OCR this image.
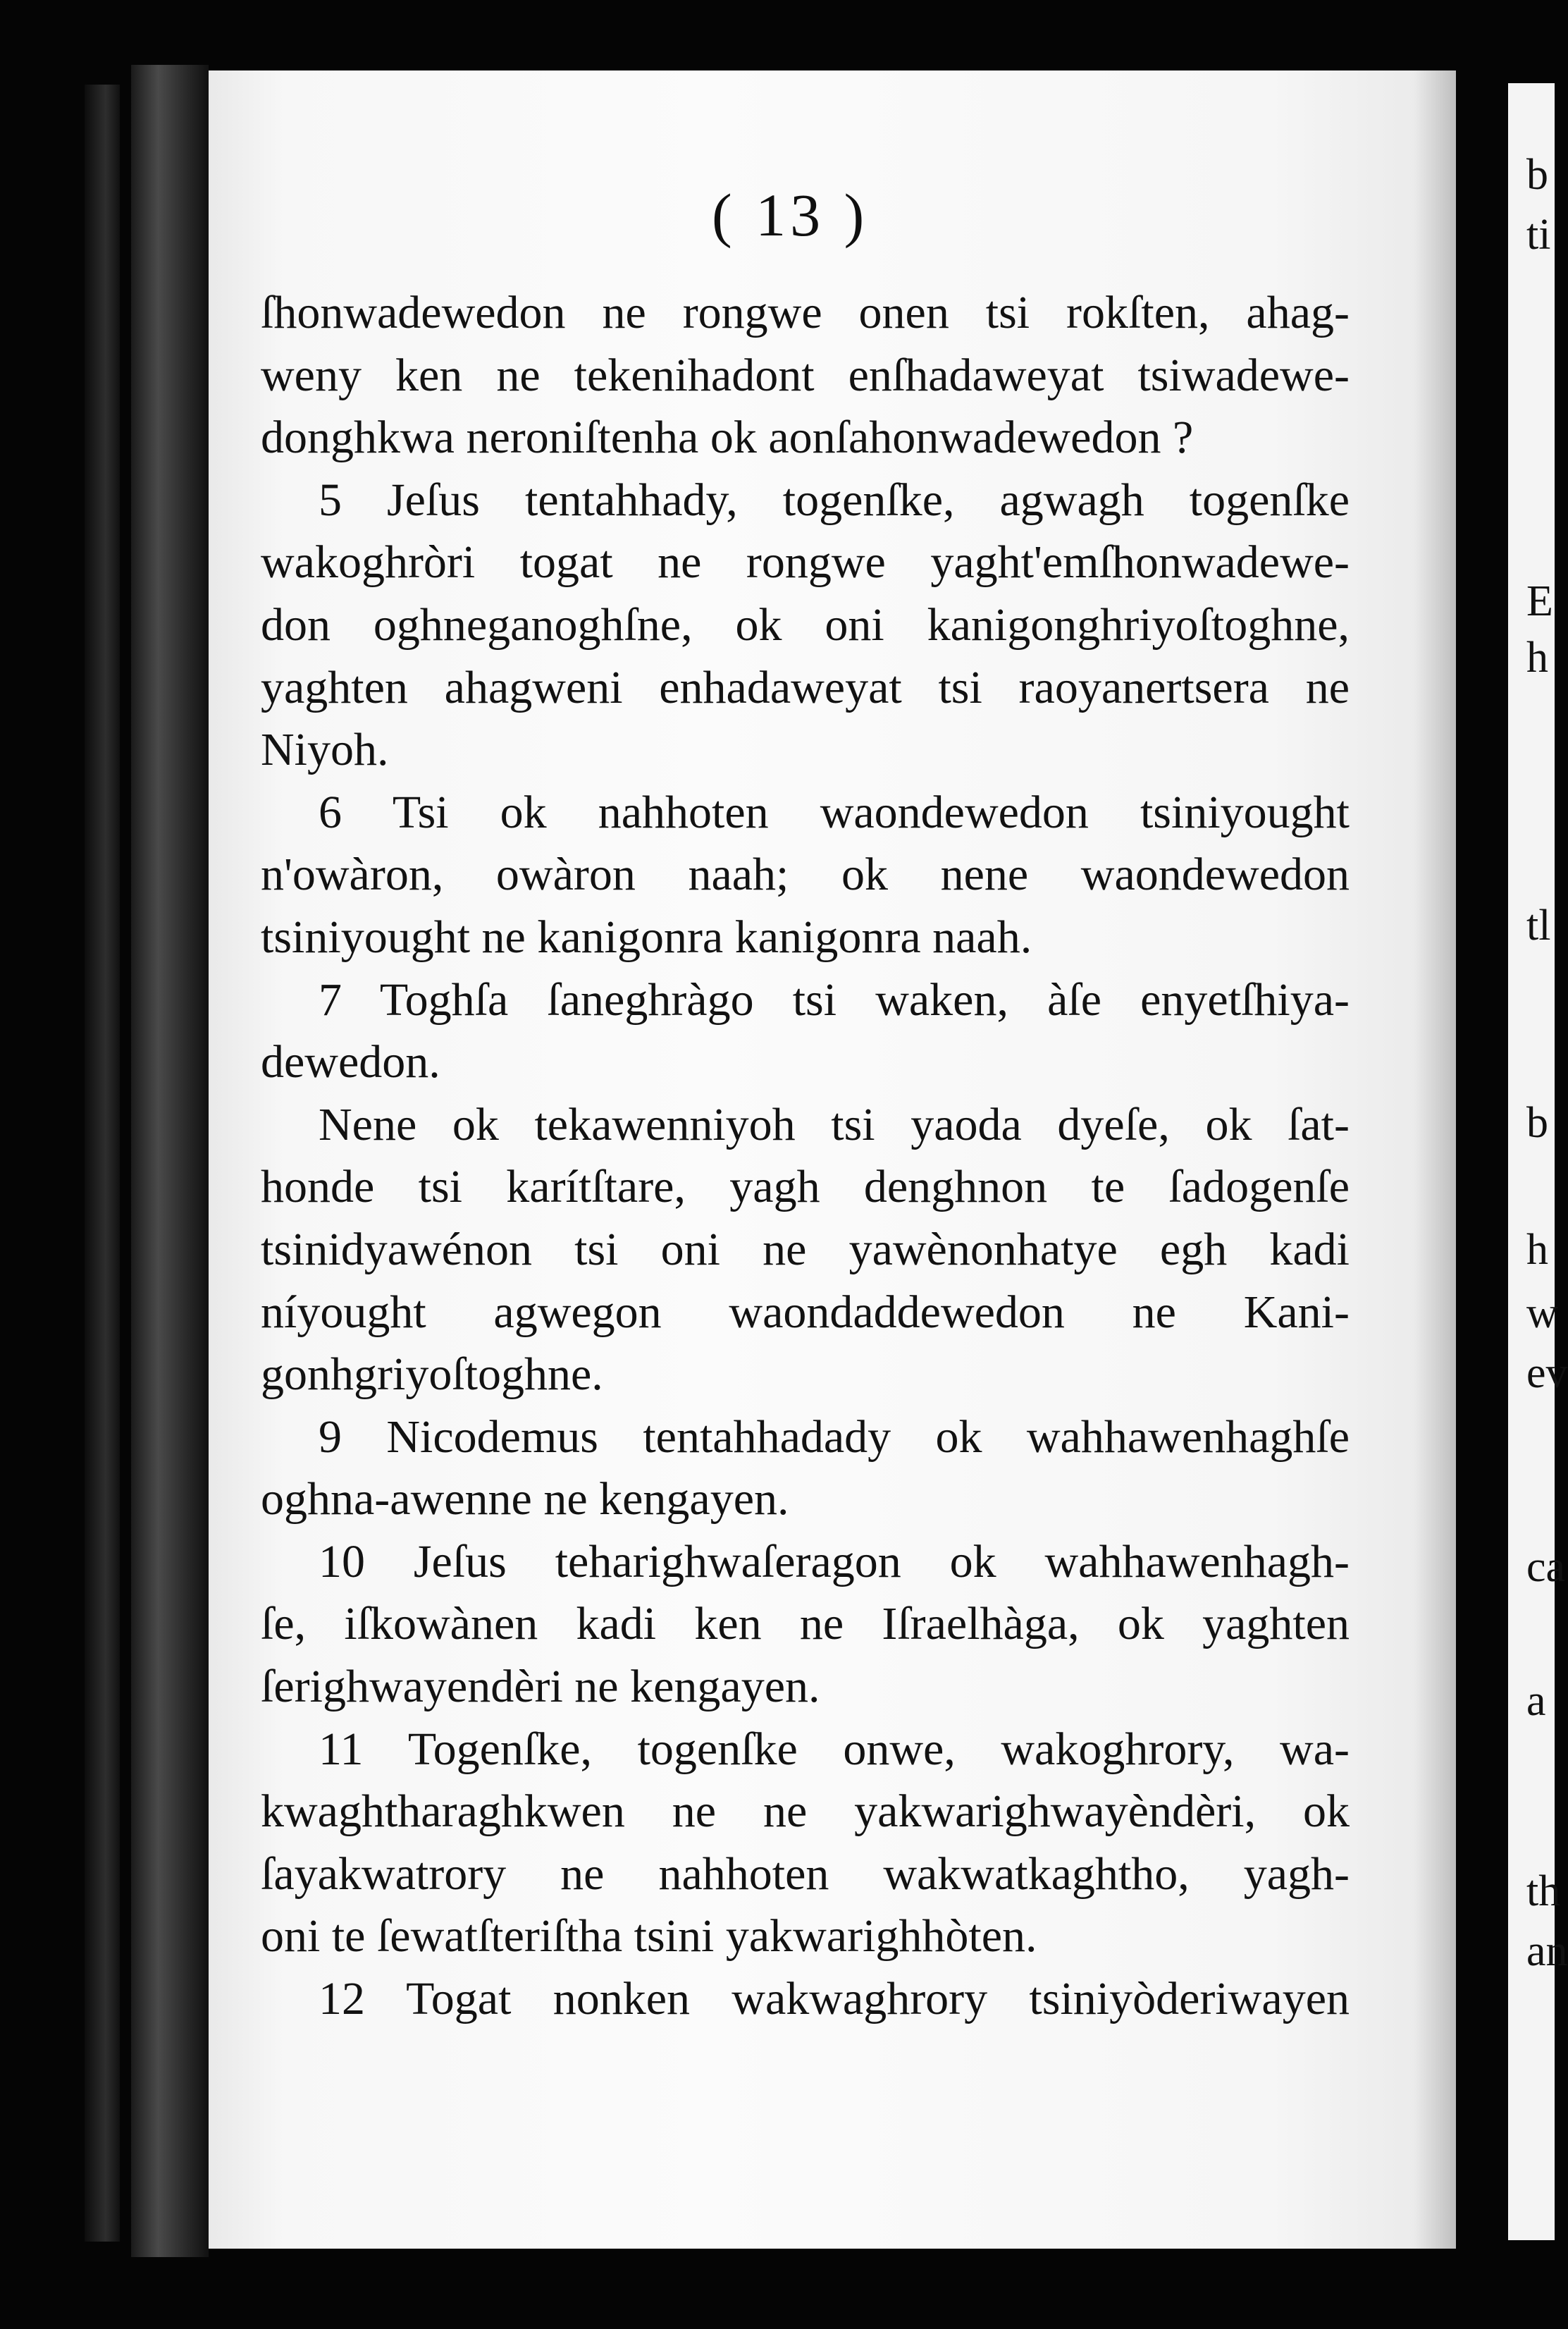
b
ti
E
h
tl
b
h
w
ev
ca
a
th
an
( 13 )
ſhonwadewedon ne rongwe onen tsi rokſten, ahag-
weny ken ne tekenihadont enſhadaweyat tsiwadewe-
donghkwa neroniſtenha ok aonſahonwadewedon ?
5 Jeſus tentahhady, togenſke, agwagh togenſke
wakoghròri togat ne rongwe yaght'emſhonwadewe-
don oghneganoghſne, ok oni kanigonghriyoſtoghne,
yaghten ahagweni enhadaweyat tsi raoyanertsera ne
Niyoh.
6 Tsi ok nahhoten waondewedon tsiniyought
n'owàron, owàron naah; ok nene waondewedon
tsiniyought ne kanigonra kanigonra naah.
7 Toghſa ſaneghràgo tsi waken, àſe enyetſhiya-
dewedon.
Nene ok tekawenniyoh tsi yaoda dyeſe, ok ſat-
honde tsi karítſtare, yagh denghnon te ſadogenſe
tsinidyawénon tsi oni ne yawènonhatye egh kadi
níyought agwegon waondaddewedon ne Kani-
gonhgriyoſtoghne.
9 Nicodemus tentahhadady ok wahhawenhaghſe
oghna-awenne ne kengayen.
10 Jeſus teharighwaſeragon ok wahhawenhagh-
ſe, iſkowànen kadi ken ne Iſraelhàga, ok yaghten
ſerighwayendèri ne kengayen.
11 Togenſke, togenſke onwe, wakoghrory, wa-
kwaghtharaghkwen ne ne yakwarighwayèndèri, ok
ſayakwatrory ne nahhoten wakwatkaghtho, yagh-
oni te ſewatſteriſtha tsini yakwarighhòten.
12 Togat nonken wakwaghrory tsiniyòderiwayen
